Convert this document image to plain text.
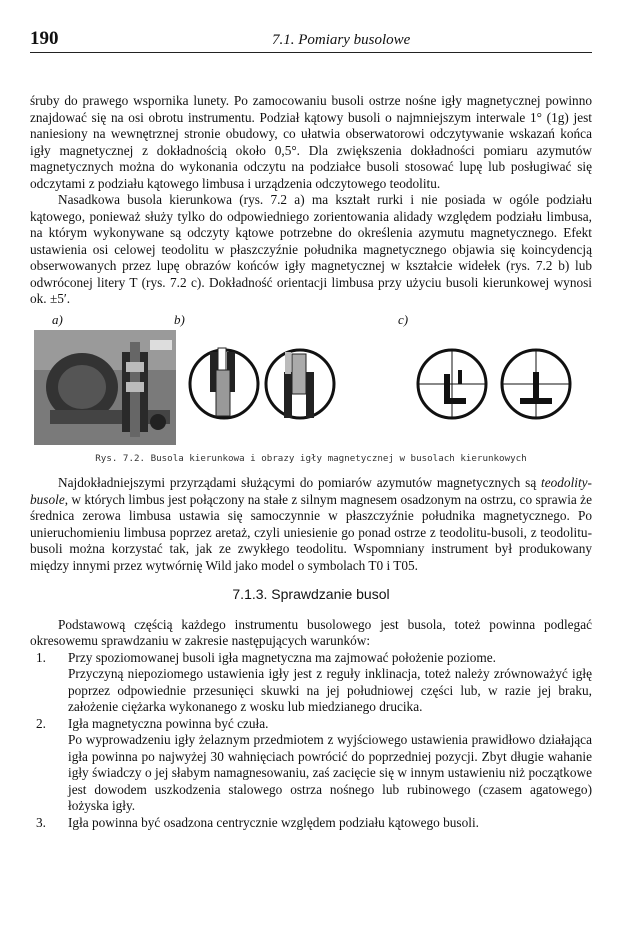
190	7.1. Pomiary busolowe

śruby do prawego wspornika lunety. Po zamocowaniu busoli ostrze nośne igły magnetycznej powinno znajdować się na osi obrotu instrumentu. Podział kątowy busoli o najmniejszym interwale 1° (1g) jest naniesiony na wewnętrznej stronie obudowy, co ułatwia obserwatorowi odczytywanie wskazań końca igły magnetycznej z dokładnością około 0,5°. Dla zwiększenia dokładności pomiaru azymutów magnetycznych można do wykonania odczytu na podziałce busoli stosować lupę lub posługiwać się odczytami z podziału kątowego limbusa i urządzenia odczytowego teodolitu.

Nasadkowa busola kierunkowa (rys. 7.2 a) ma kształt rurki i nie posiada w ogóle podziału kątowego, ponieważ służy tylko do odpowiedniego zorientowania alidady względem podziału limbusa, na którym wykonywane są odczyty kątowe potrzebne do określenia azymutu magnetycznego. Efekt ustawienia osi celowej teodolitu w płaszczyźnie południka magnetycznego objawia się koincydencją obserwowanych przez lupę obrazów końców igły magnetycznej w kształcie widełek (rys. 7.2 b) lub odwróconej litery T (rys. 7.2 c). Dokładność orientacji limbusa przy użyciu busoli kierunkowej wynosi ok. ±5′.

a)	b)	c)
Rys. 7.2. Busola kierunkowa i obrazy igły magnetycznej w busolach kierunkowych

Najdokładniejszymi przyrządami służącymi do pomiarów azymutów magnetycznych są teodolity-busole, w których limbus jest połączony na stałe z silnym magnesem osadzonym na ostrzu, co sprawia że średnica zerowa limbusa ustawia się samoczynnie w płaszczyźnie południka magnetycznego. Po unieruchomieniu limbusa poprzez aretaż, czyli uniesienie go ponad ostrze z teodolitu-busoli, z teodolitu-busoli można korzystać tak, jak ze zwykłego teodolitu. Wspomniany instrument był produkowany między innymi przez wytwórnię Wild jako model o symbolach T0 i T05.

7.1.3. Sprawdzanie busol

Podstawową częścią każdego instrumentu busolowego jest busola, toteż powinna podlegać okresowemu sprawdzaniu w zakresie następujących warunków:

1. Przy spoziomowanej busoli igła magnetyczna ma zajmować położenie poziome.
Przyczyną niepoziomego ustawienia igły jest z reguły inklinacja, toteż należy zrównoważyć igłę poprzez odpowiednie przesunięci skuwki na jej południowej części lub, w razie jej braku, założenie ciężarka wykonanego z wosku lub miedzianego drucika.
2. Igła magnetyczna powinna być czuła.
Po wyprowadzeniu igły żelaznym przedmiotem z wyjściowego ustawienia prawidłowo działająca igła powinna po najwyżej 30 wahnięciach powrócić do poprzedniej pozycji. Zbyt długie wahanie igły świadczy o jej słabym namagnesowaniu, zaś zacięcie się w innym ustawieniu niż początkowe jest dowodem uszkodzenia stalowego ostrza nośnego lub rubinowego (czasem agatowego) łożyska igły.
3. Igła powinna być osadzona centrycznie względem podziału kątowego busoli.
